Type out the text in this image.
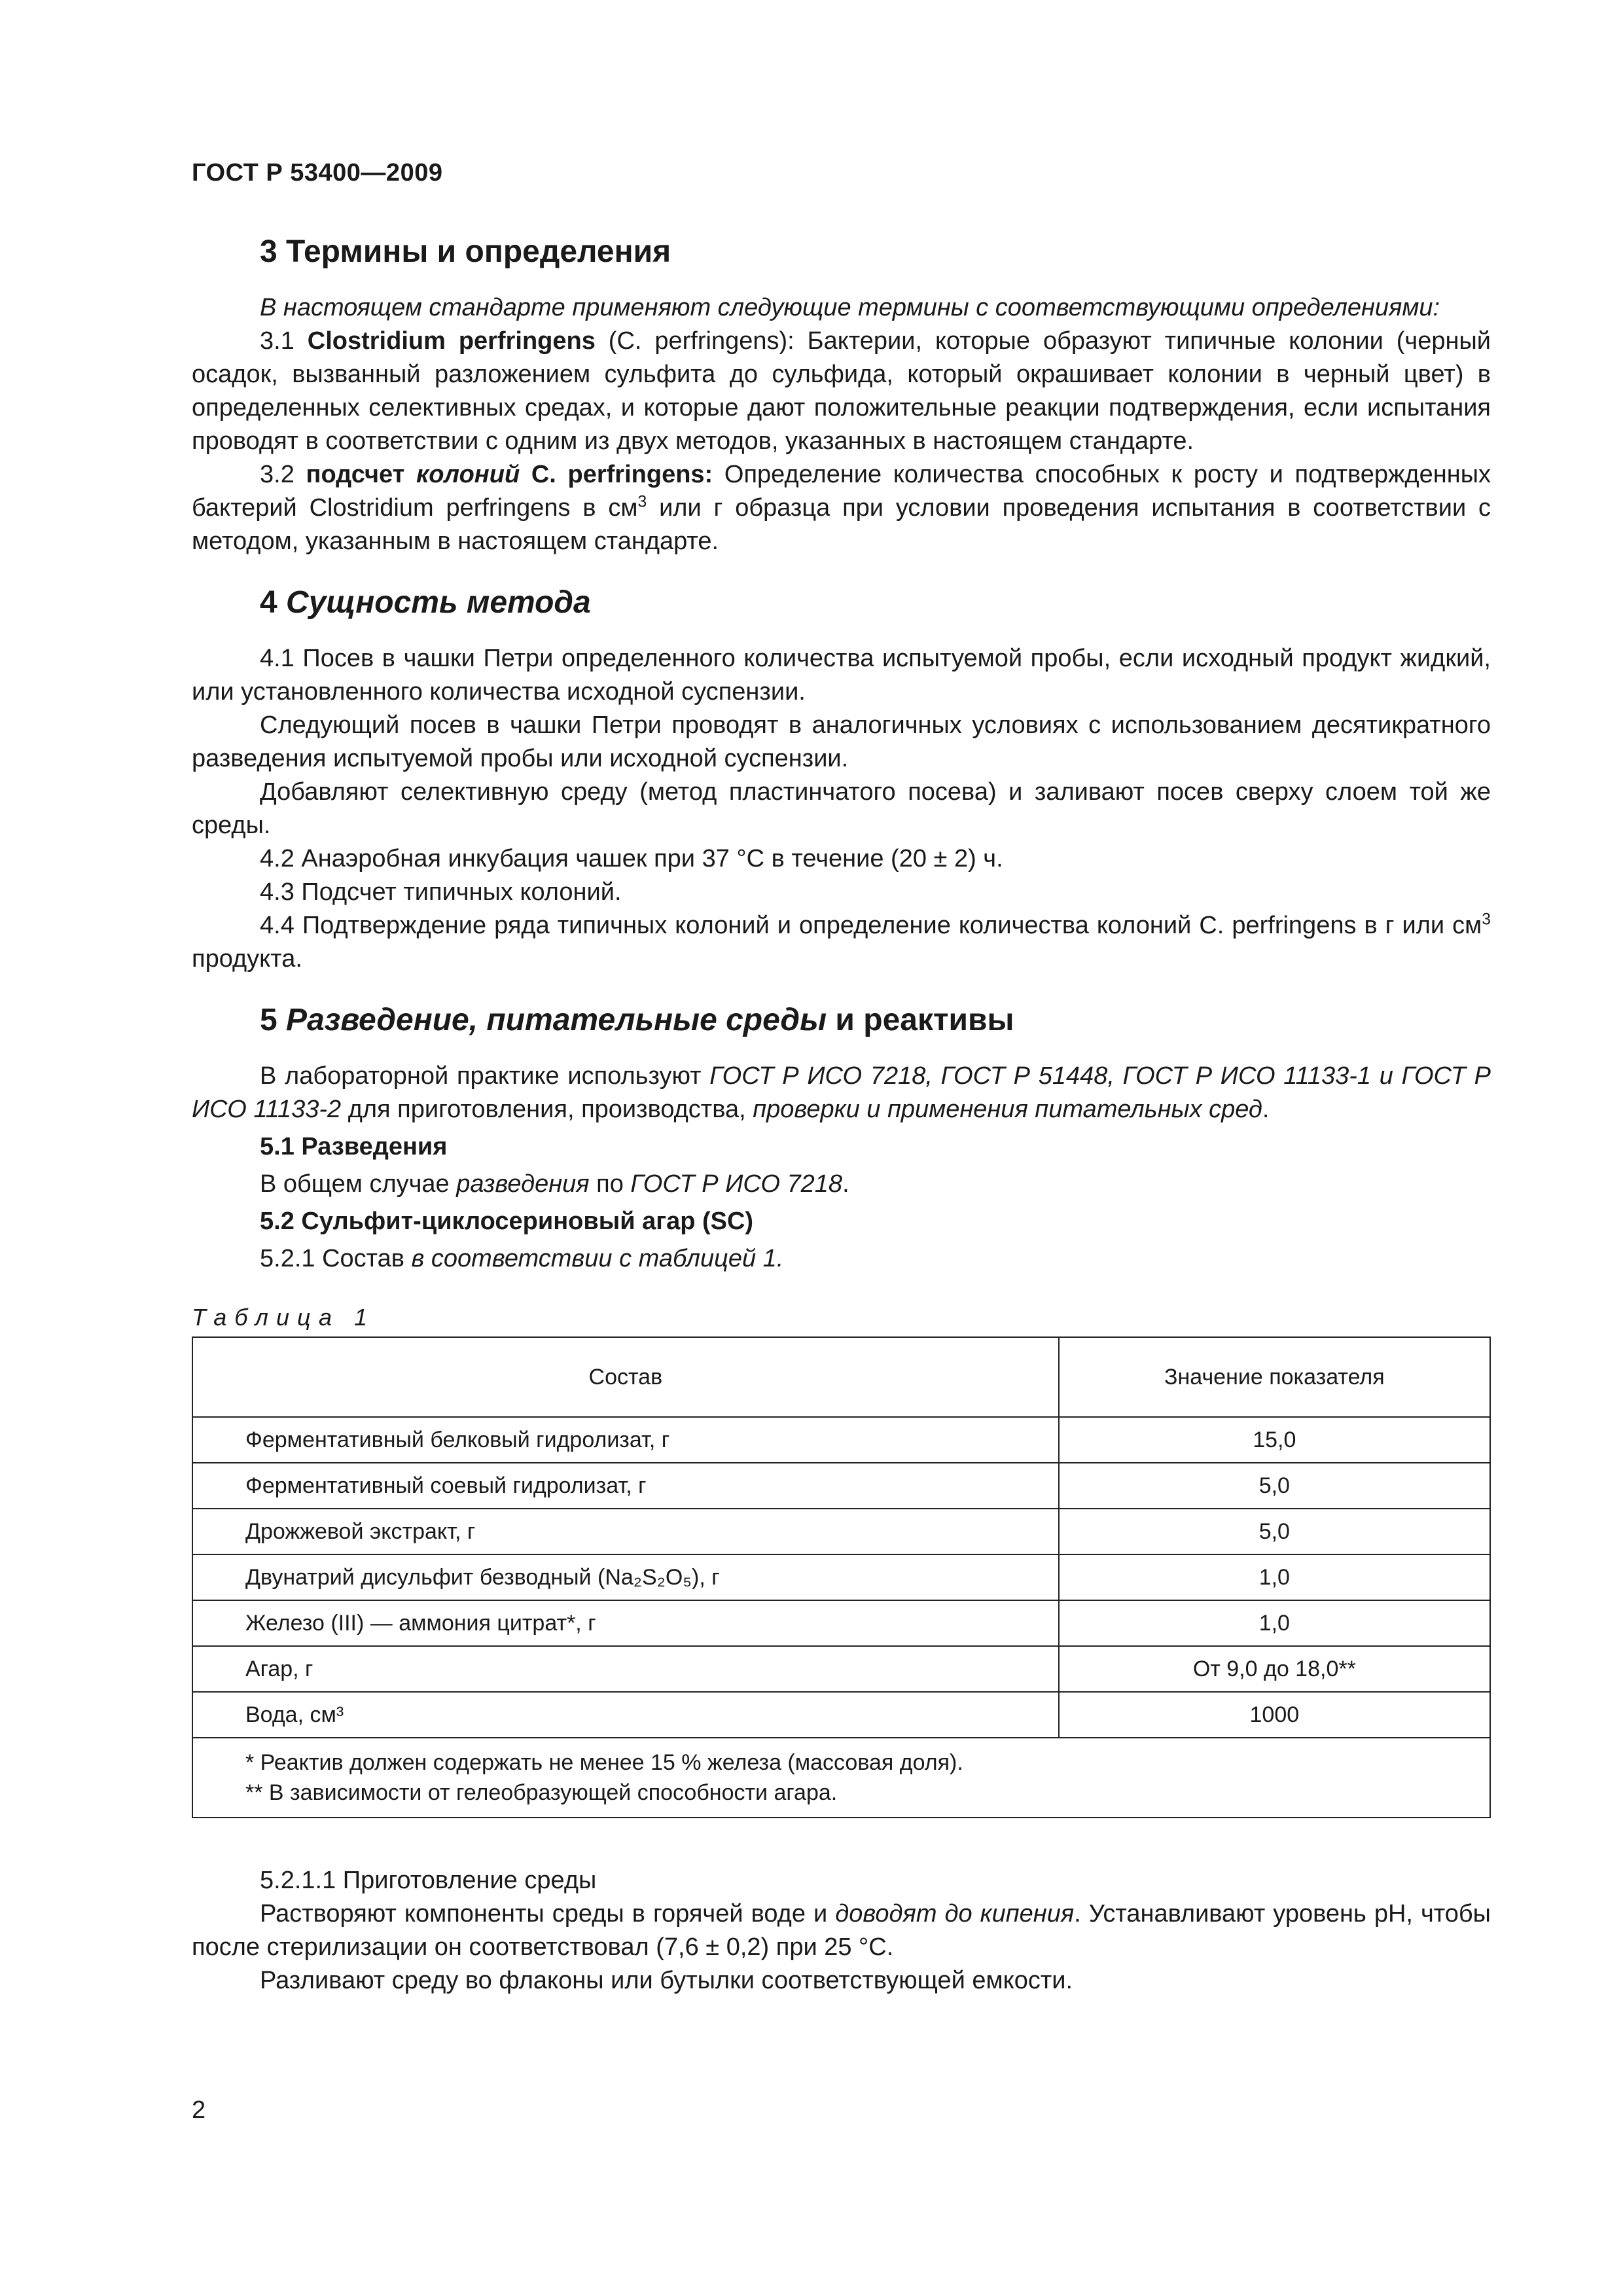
ГОСТ Р 53400—2009
3 Термины и определения

В настоящем стандарте применяют следующие термины с соответствующими определениями:

3.1 Clostridium perfringens (C. perfringens): Бактерии, которые образуют типичные колонии (черный осадок, вызванный разложением сульфита до сульфида, который окрашивает колонии в черный цвет) в определенных селективных средах, и которые дают положительные реакции подтверждения, если испытания проводят в соответствии с одним из двух методов, указанных в настоящем стандарте.

3.2 подсчет колоний C. perfringens: Определение количества способных к росту и подтвержденных бактерий Clostridium perfringens в $см^3$ или г образца при условии проведения испытания в соответствии с методом, указанным в настоящем стандарте.

4 Сущность метода

4.1 Посев в чашки Петри определенного количества испытуемой пробы, если исходный продукт жидкий, или установленного количества исходной суспензии.

Следующий посев в чашки Петри проводят в аналогичных условиях с использованием десятикратного разведения испытуемой пробы или исходной суспензии.

Добавляют селективную среду (метод пластинчатого посева) и заливают посев сверху слоем той же среды.

4.2 Анаэробная инкубация чашек при 37 °C в течение (20 ± 2) ч.

4.3 Подсчет типичных колоний.

4.4 Подтверждение ряда типичных колоний и определение количества колоний C. perfringens в г или $см^3$ продукта.

5 Разведение, питательные среды и реактивы

В лабораторной практике используют ГОСТ Р ИСО 7218, ГОСТ Р 51448, ГОСТ Р ИСО 11133-1 и ГОСТ Р ИСО 11133-2 для приготовления, производства, проверки и применения питательных сред.

5.1 Разведения

В общем случае разведения по ГОСТ Р ИСО 7218.

5.2 Сульфит-циклосериновый агар (SC)

5.2.1 Состав в соответствии с таблицей 1.

Таблица 1
Состав	Значение показателя
Ферментативный белковый гидролизат, г	15,0
Ферментативный соевый гидролизат, г	5,0
Дрожжевой экстракт, г	5,0
Двунатрий дисульфит безводный (Na₂S₂O₅), г	1,0
Железо (III) — аммония цитрат*, г	1,0
Агар, г	От 9,0 до 18,0**
Вода, см³	1000

* Реактив должен содержать не менее 15 % железа (массовая доля).
** В зависимости от гелеобразующей способности агара.	

5.2.1.1 Приготовление среды

Растворяют компоненты среды в горячей воде и доводят до кипения. Устанавливают уровень pH, чтобы после стерилизации он соответствовал (7,6 ± 0,2) при 25 °C.

Разливают среду во флаконы или бутылки соответствующей емкости.

2
